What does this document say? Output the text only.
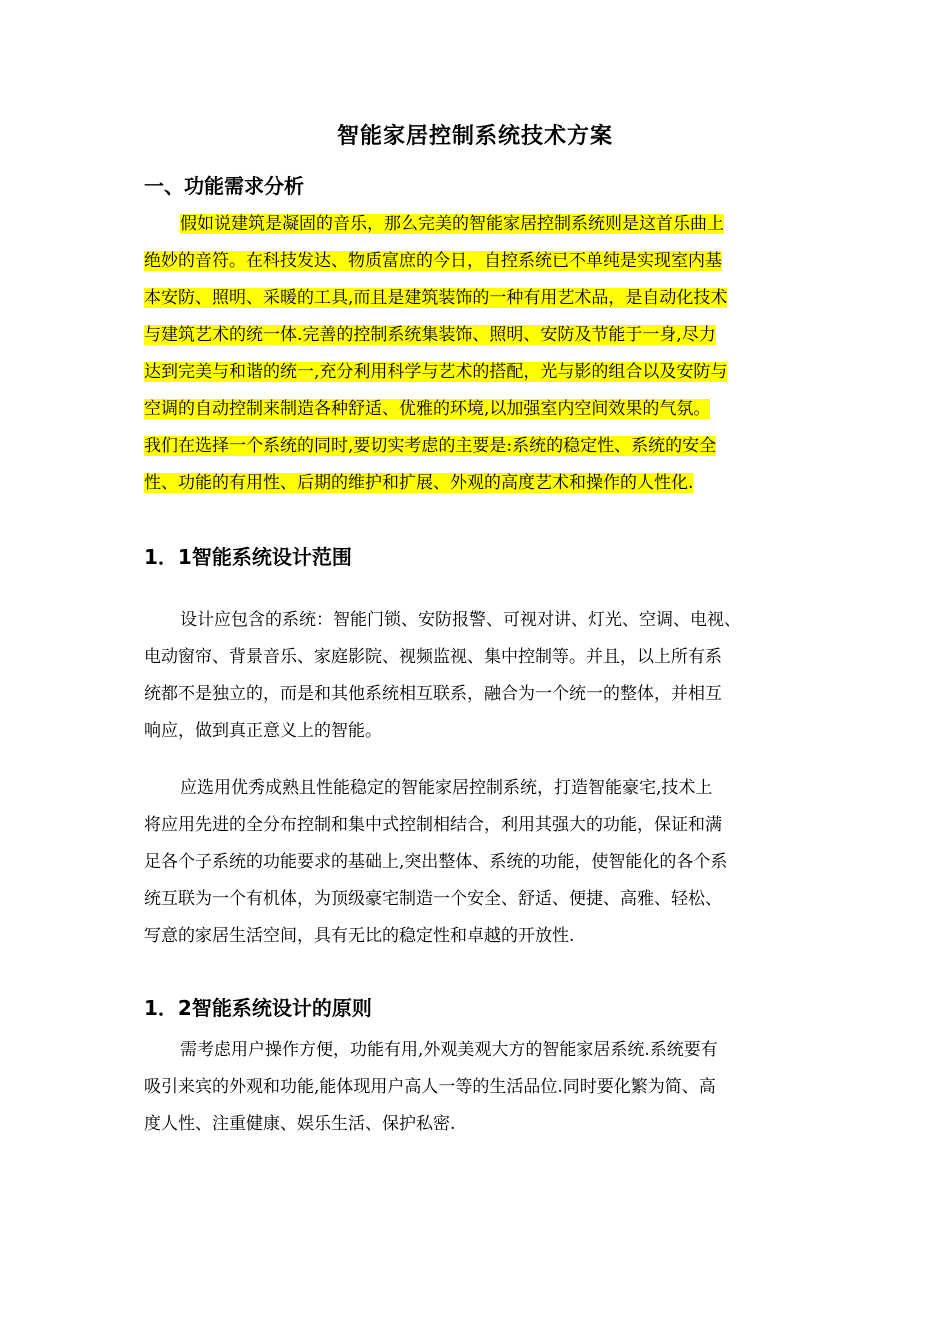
智能家居控制系统技术方案
一、功能需求分析
假如说建筑是凝固的音乐，那么完美的智能家居控制系统则是这首乐曲上
绝妙的音符。在科技发达、物质富庶的今日，自控系统已不单纯是实现室内基
本安防、照明、采暖的工具,而且是建筑装饰的一种有用艺术品，是自动化技术
与建筑艺术的统一体.完善的控制系统集装饰、照明、安防及节能于一身,尽力
达到完美与和谐的统一,充分利用科学与艺术的搭配，光与影的组合以及安防与
空调的自动控制来制造各种舒适、优雅的环境,以加强室内空间效果的气氛。
我们在选择一个系统的同时,要切实考虑的主要是:系统的稳定性、系统的安全
性、功能的有用性、后期的维护和扩展、外观的高度艺术和操作的人性化.
1．1智能系统设计范围
设计应包含的系统：智能门锁、安防报警、可视对讲、灯光、空调、电视、
电动窗帘、背景音乐、家庭影院、视频监视、集中控制等。并且，以上所有系
统都不是独立的，而是和其他系统相互联系，融合为一个统一的整体，并相互
响应，做到真正意义上的智能。
应选用优秀成熟且性能稳定的智能家居控制系统，打造智能豪宅,技术上
将应用先进的全分布控制和集中式控制相结合，利用其强大的功能，保证和满
足各个子系统的功能要求的基础上,突出整体、系统的功能，使智能化的各个系
统互联为一个有机体，为顶级豪宅制造一个安全、舒适、便捷、高雅、轻松、
写意的家居生活空间，具有无比的稳定性和卓越的开放性.
1．2智能系统设计的原则
需考虑用户操作方便，功能有用,外观美观大方的智能家居系统.系统要有
吸引来宾的外观和功能,能体现用户高人一等的生活品位.同时要化繁为简、高
度人性、注重健康、娱乐生活、保护私密.
